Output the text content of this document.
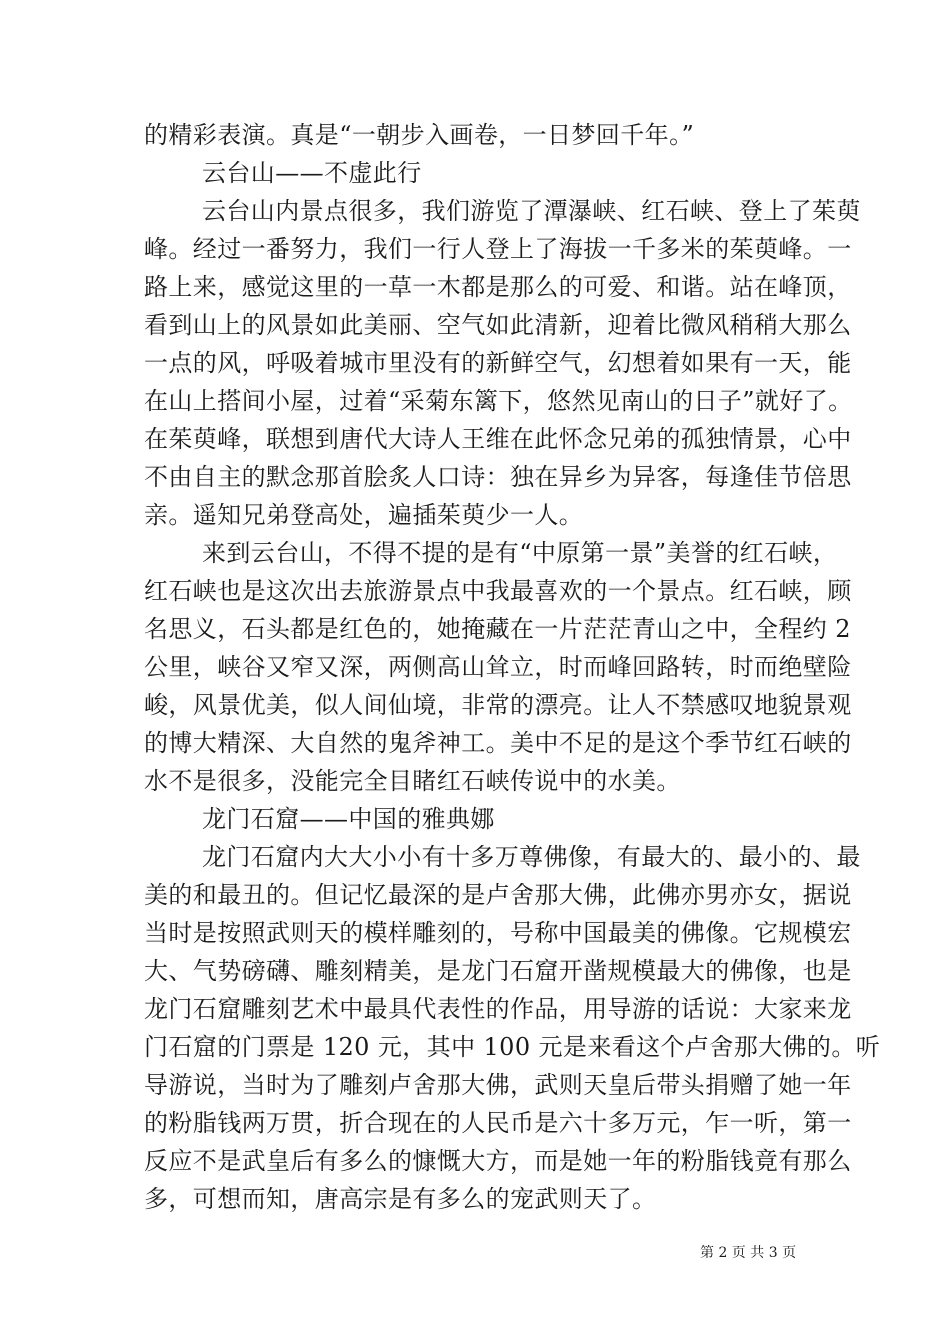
的精彩表演。真是“一朝步入画卷，一日梦回千年。”
云台山——不虚此行
云台山内景点很多，我们游览了潭瀑峡、红石峡、登上了茱萸
峰。经过一番努力，我们一行人登上了海拔一千多米的茱萸峰。一
路上来，感觉这里的一草一木都是那么的可爱、和谐。站在峰顶，
看到山上的风景如此美丽、空气如此清新，迎着比微风稍稍大那么
一点的风，呼吸着城市里没有的新鲜空气，幻想着如果有一天，能
在山上搭间小屋，过着“采菊东篱下，悠然见南山的日子”就好了。
在茱萸峰，联想到唐代大诗人王维在此怀念兄弟的孤独情景，心中
不由自主的默念那首脍炙人口诗：独在异乡为异客，每逢佳节倍思
亲。遥知兄弟登高处，遍插茱萸少一人。
来到云台山，不得不提的是有“中原第一景”美誉的红石峡，
红石峡也是这次出去旅游景点中我最喜欢的一个景点。红石峡，顾
名思义，石头都是红色的，她掩藏在一片茫茫青山之中，全程约 2
公里，峡谷又窄又深，两侧高山耸立，时而峰回路转，时而绝壁险
峻，风景优美，似人间仙境，非常的漂亮。让人不禁感叹地貌景观
的博大精深、大自然的鬼斧神工。美中不足的是这个季节红石峡的
水不是很多，没能完全目睹红石峡传说中的水美。
龙门石窟——中国的雅典娜
龙门石窟内大大小小有十多万尊佛像，有最大的、最小的、最
美的和最丑的。但记忆最深的是卢舍那大佛，此佛亦男亦女，据说
当时是按照武则天的模样雕刻的，号称中国最美的佛像。它规模宏
大、气势磅礴、雕刻精美，是龙门石窟开凿规模最大的佛像，也是
龙门石窟雕刻艺术中最具代表性的作品，用导游的话说：大家来龙
门石窟的门票是 120 元，其中 100 元是来看这个卢舍那大佛的。听
导游说，当时为了雕刻卢舍那大佛，武则天皇后带头捐赠了她一年
的粉脂钱两万贯，折合现在的人民币是六十多万元，乍一听，第一
反应不是武皇后有多么的慷慨大方，而是她一年的粉脂钱竟有那么
多，可想而知，唐高宗是有多么的宠武则天了。
第 2 页 共 3 页
